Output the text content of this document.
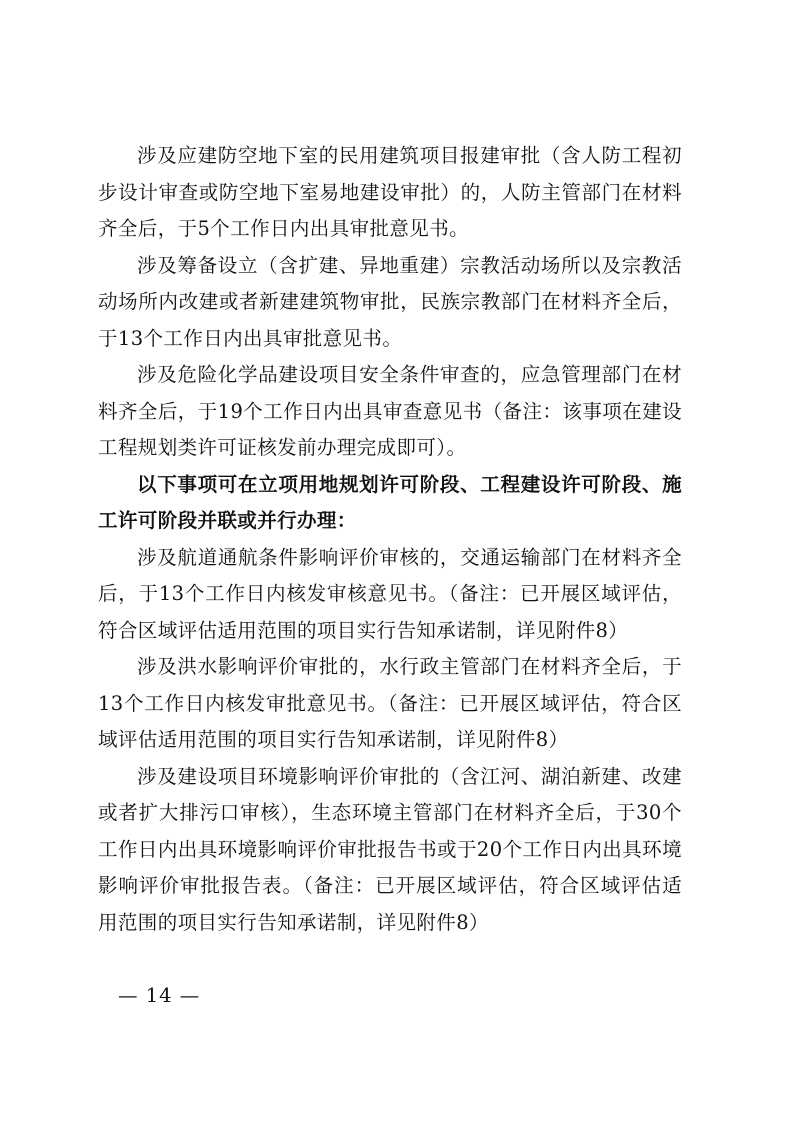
涉及应建防空地下室的民用建筑项目报建审批（含人防工程初步设计审查或防空地下室易地建设审批）的，人防主管部门在材料齐全后，于5个工作日内出具审批意见书。

涉及筹备设立（含扩建、异地重建）宗教活动场所以及宗教活动场所内改建或者新建建筑物审批，民族宗教部门在材料齐全后，于13个工作日内出具审批意见书。

涉及危险化学品建设项目安全条件审查的，应急管理部门在材料齐全后，于19个工作日内出具审查意见书（备注：该事项在建设工程规划类许可证核发前办理完成即可）。

以下事项可在立项用地规划许可阶段、工程建设许可阶段、施工许可阶段并联或并行办理：

涉及航道通航条件影响评价审核的，交通运输部门在材料齐全后，于13个工作日内核发审核意见书。（备注：已开展区域评估，符合区域评估适用范围的项目实行告知承诺制，详见附件8）

涉及洪水影响评价审批的，水行政主管部门在材料齐全后，于13个工作日内核发审批意见书。（备注：已开展区域评估，符合区域评估适用范围的项目实行告知承诺制，详见附件8）

涉及建设项目环境影响评价审批的（含江河、湖泊新建、改建或者扩大排污口审核），生态环境主管部门在材料齐全后，于30个工作日内出具环境影响评价审批报告书或于20个工作日内出具环境影响评价审批报告表。（备注：已开展区域评估，符合区域评估适用范围的项目实行告知承诺制，详见附件8）

— 14 —
